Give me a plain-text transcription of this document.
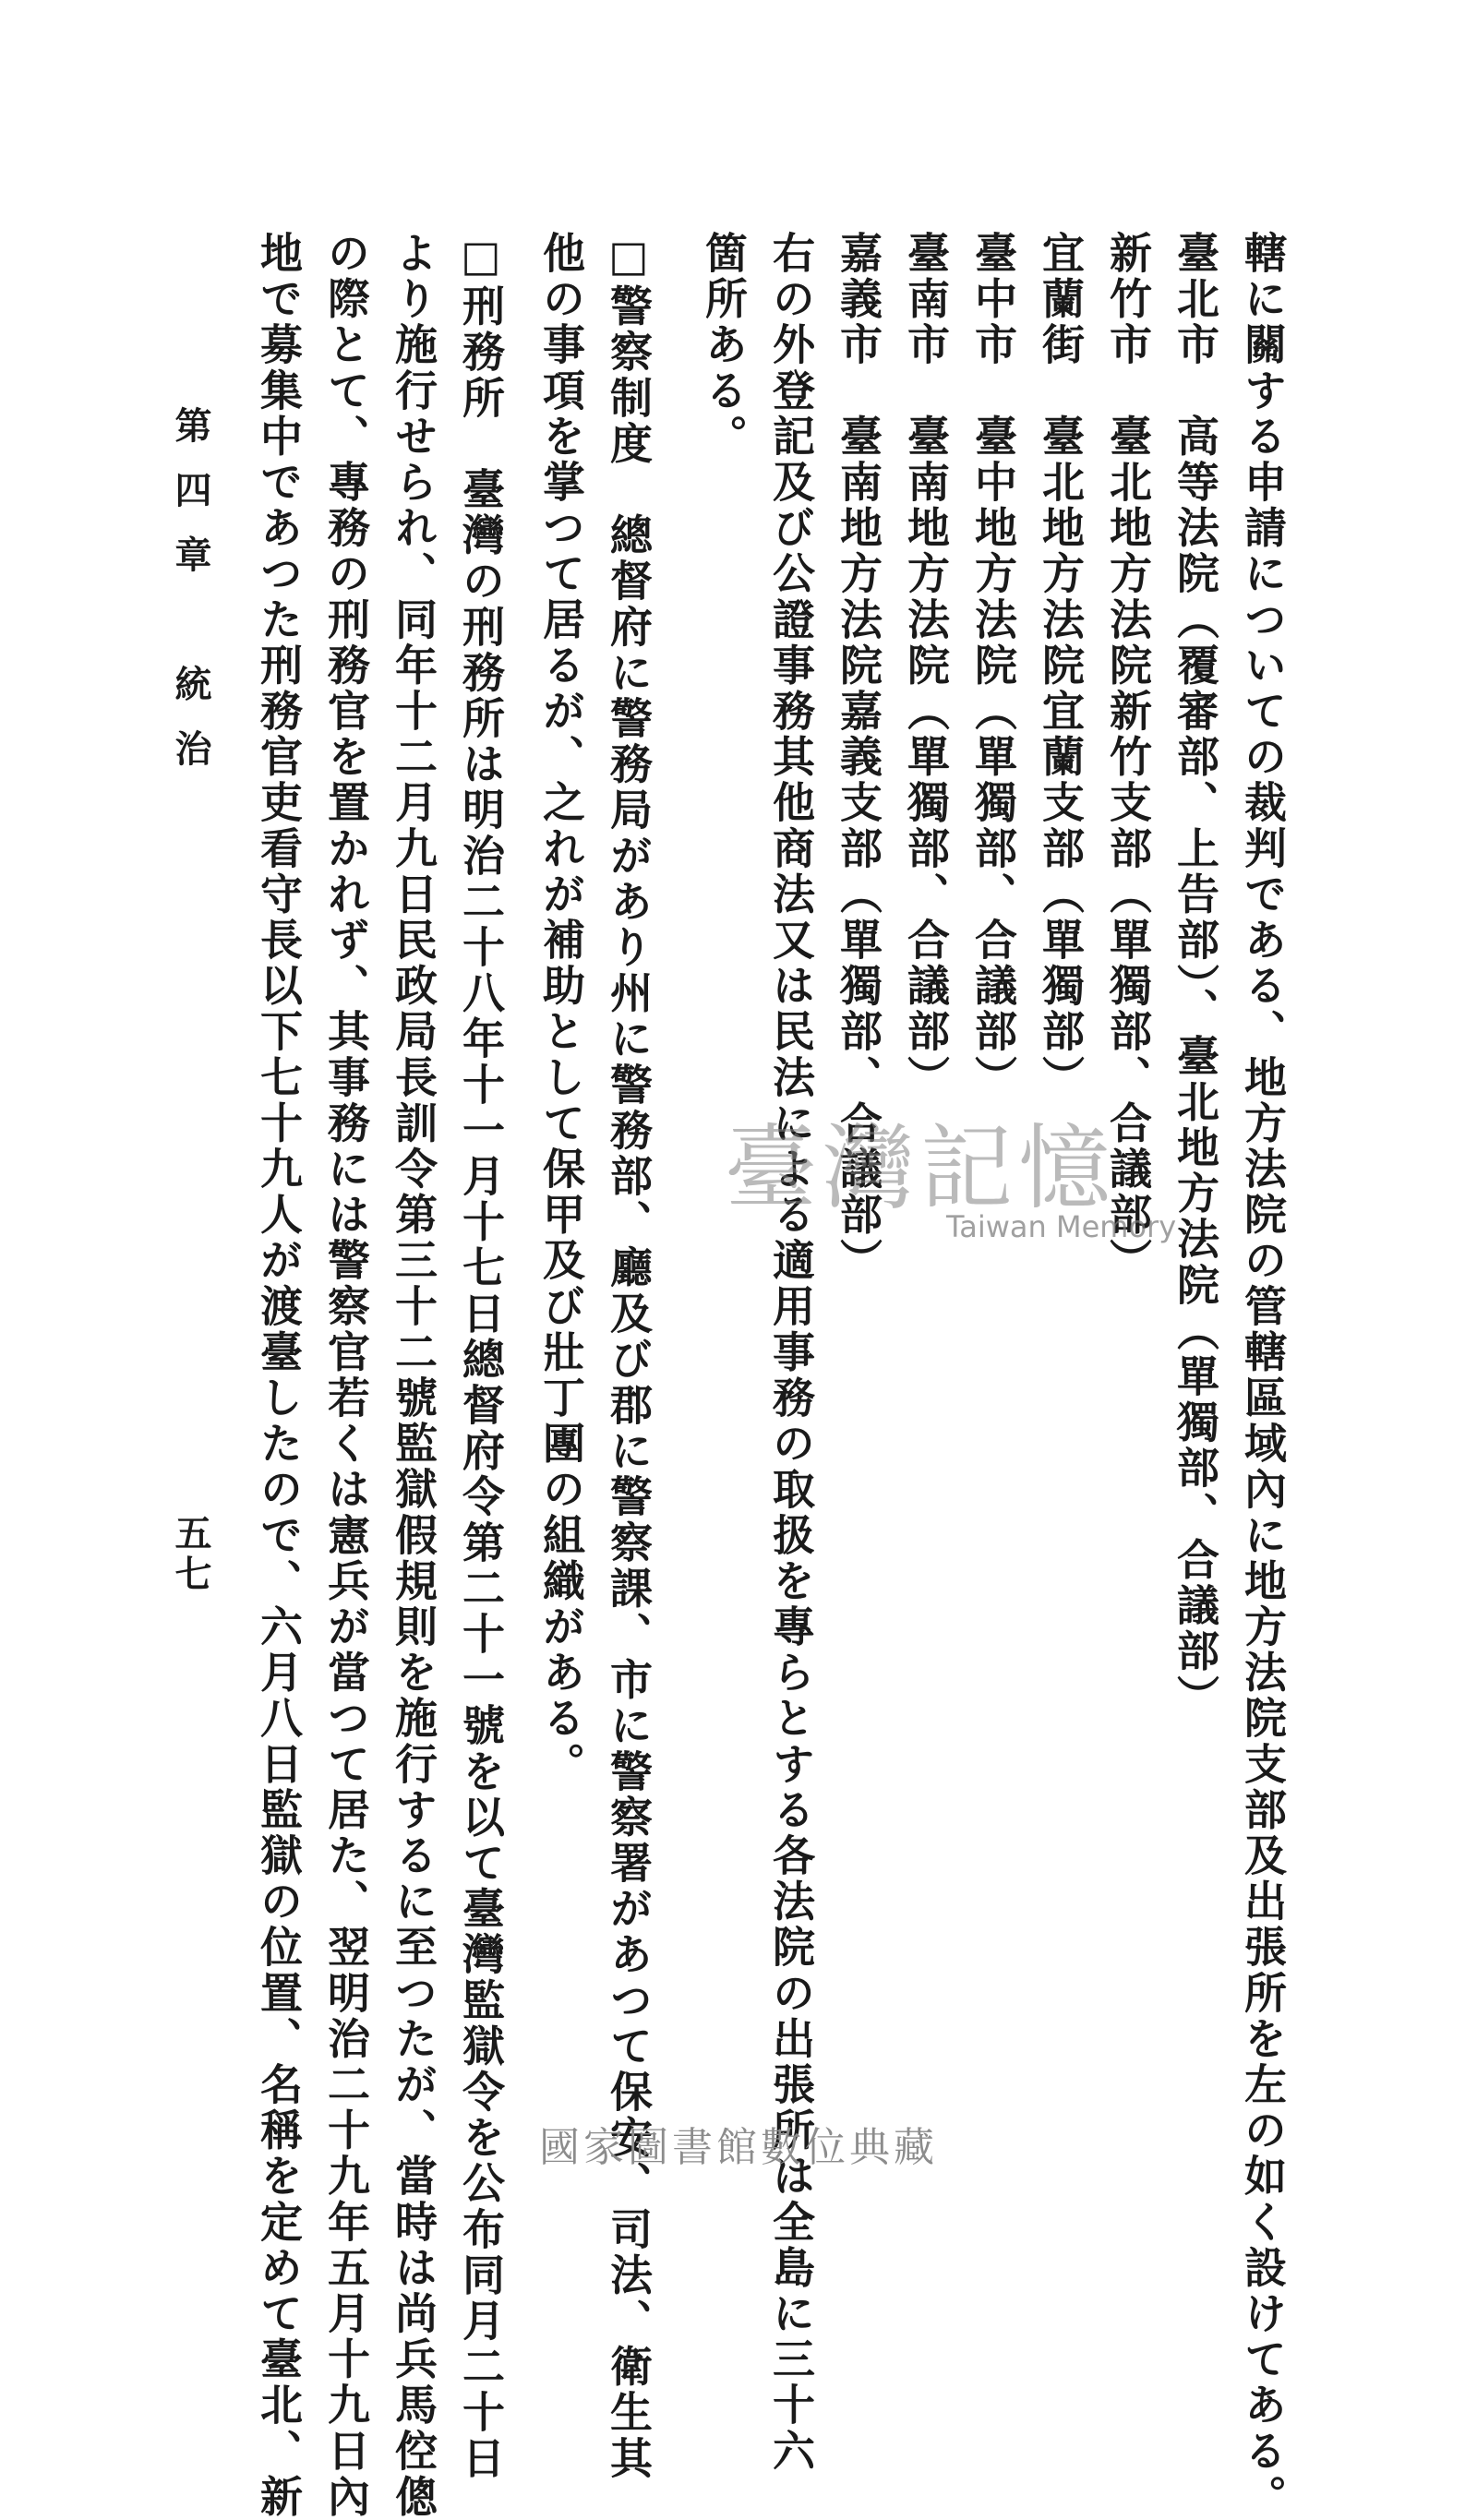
轄に關する申請についての裁判である、地方法院の管轄區域內に地方法院支部及出張所を左の如く設けてある。
臺北市　高等法院（覆審部、上告部）、臺北地方法院（單獨部、合議部）
新竹市　臺北地方法院新竹支部（單獨部、合議部）
宜蘭街　臺北地方法院宜蘭支部（單獨部）
臺中市　臺中地方法院（單獨部、合議部）
臺南市　臺南地方法院（單獨部、合議部）
嘉義市　臺南地方法院嘉義支部（單獨部、合議部）
右の外登記及び公證事務其他商法又は民法による適用事務の取扱を專らとする各法院の出張所は全島に三十六
箇所ある。
□警察制度　總督府に警務局があり州に警務部、廳及び郡に警察課、市に警察署があつて保安、司法、衛生其
他の事項を掌つて居るが、之れが補助として保甲及び壯丁團の組織がある。
□刑務所　臺灣の刑務所は明治二十八年十一月十七日總督府令第二十一號を以て臺灣監獄令を公布同月二十日
より施行せられ、同年十二月九日民政局長訓令第三十二號監獄假規則を施行するに至つたが、當時は尚兵馬倥傯
の際とて、專務の刑務官を置かれず、其事務には警察官若くは憲兵が當つて居た、翌明治二十九年五月十九日內
地で募集中であつた刑務官吏看守長以下七十九人が渡臺したので、六月八日監獄の位置、名稱を定めて臺北、新
第四章　統治
五七
臺灣記憶
Taiwan Memory
國家圖書館數位典藏
